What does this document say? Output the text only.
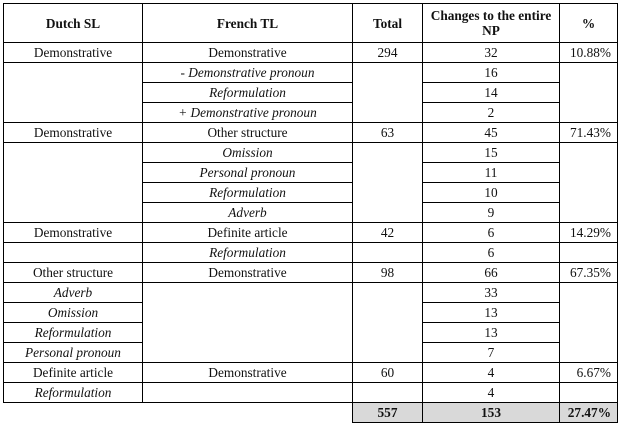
Dutch SL	French TL	Total	Changes to the entire NP	%
Demonstrative	Demonstrative	294	32	10.88%
	- Demonstrative pronoun		16	
	Reformulation		14	
	+ Demonstrative pronoun		2	
Demonstrative	Other structure	63	45	71.43%
	Omission		15	
	Personal pronoun		11	
	Reformulation		10	
	Adverb		9	
Demonstrative	Definite article	42	6	14.29%
	Reformulation		6	
Other structure	Demonstrative	98	66	67.35%
Adverb			33	
Omission			13	
Reformulation			13	
Personal pronoun			7	
Definite article	Demonstrative	60	4	6.67%
Reformulation			4	
		557	153	27.47%
